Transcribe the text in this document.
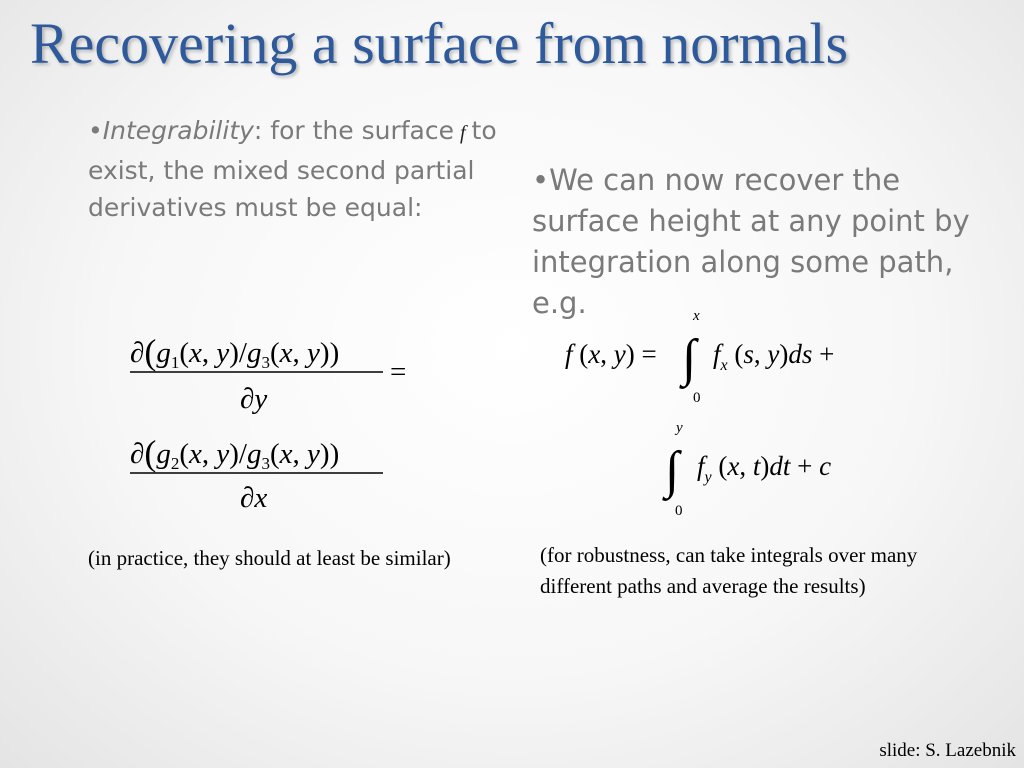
Recovering a surface from normals
•Integrability: for the surface f to exist, the mixed second partial derivatives must be equal:
•We can now recover the surface height at any point by integration along some path, e.g.
$\partial(g_1(x$, $y)/g_3(x$, y))
∂y
=
$\partial(g_2(x$, $y)/g_3(x$, y))
∂x
f (x, y) =
x
∫
0
$f_x$ (s, y)ds +
y
∫
0
$f_y$ (x, t)dt + c
(in practice, they should at least be similar)	(for robustness, can take integrals over many different paths and average the results)
slide: S. Lazebnik
